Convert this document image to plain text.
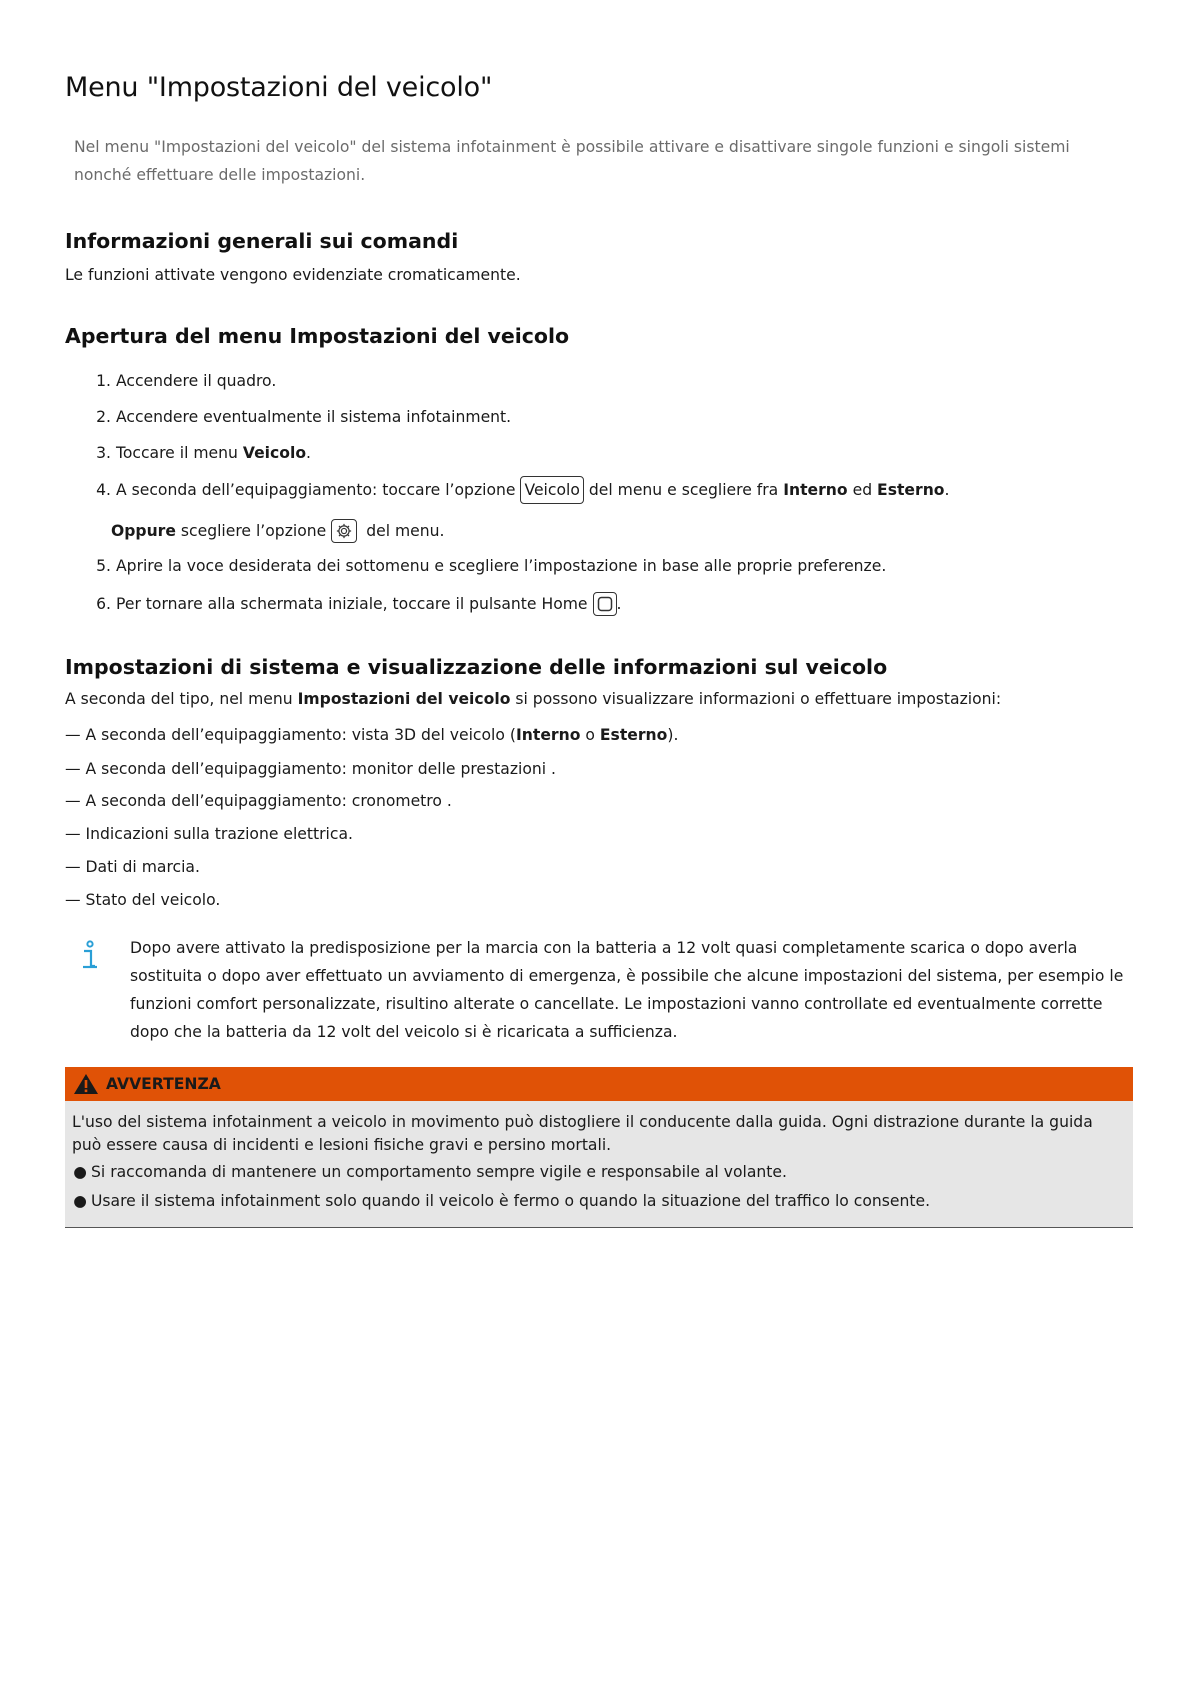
Menu "Impostazioni del veicolo"

Nel menu "Impostazioni del veicolo" del sistema infotainment è possibile attivare e disattivare singole funzioni e singoli sistemi nonché effettuare delle impostazioni.

Informazioni generali sui comandi
Le funzioni attivate vengono evidenziate cromaticamente.
Apertura del menu Impostazioni del veicolo
1. Accendere il quadro.
2. Accendere eventualmente il sistema infotainment.
3. Toccare il menu Veicolo .
4. A seconda dell’equipaggiamento: toccare l’opzione Veicolo del menu e scegliere fra Interno ed Esterno .
Oppure scegliere l’opzione del menu.
5. Aprire la voce desiderata dei sottomenu e scegliere l’impostazione in base alle proprie preferenze.
6. Per tornare alla schermata iniziale, toccare il pulsante Home .
Impostazioni di sistema e visualizzazione delle informazioni sul veicolo
A seconda del tipo, nel menu Impostazioni del veicolo si possono visualizzare informazioni o effettuare impostazioni:
— A seconda dell’equipaggiamento: vista 3D del veicolo (Interno o Esterno).
— A seconda dell’equipaggiamento: monitor delle prestazioni .
— A seconda dell’equipaggiamento: cronometro .
— Indicazioni sulla trazione elettrica.
— Dati di marcia.
— Stato del veicolo.

Dopo avere attivato la predisposizione per la marcia con la batteria a 12 volt quasi completamente scarica o dopo averla sostituita o dopo aver effettuato un avviamento di emergenza, è possibile che alcune impostazioni del sistema, per esempio le funzioni comfort personalizzate, risultino alterate o cancellate. Le impostazioni vanno controllate ed eventualmente corrette dopo che la batteria da 12 volt del veicolo si è ricaricata a sufficienza.

AVVERTENZA

L'uso del sistema infotainment a veicolo in movimento può distogliere il conducente dalla guida. Ogni distrazione durante la guida può essere causa di incidenti e lesioni fisiche gravi e persino mortali.

● Si raccomanda di mantenere un comportamento sempre vigile e responsabile al volante.
● Usare il sistema infotainment solo quando il veicolo è fermo o quando la situazione del traffico lo consente.
